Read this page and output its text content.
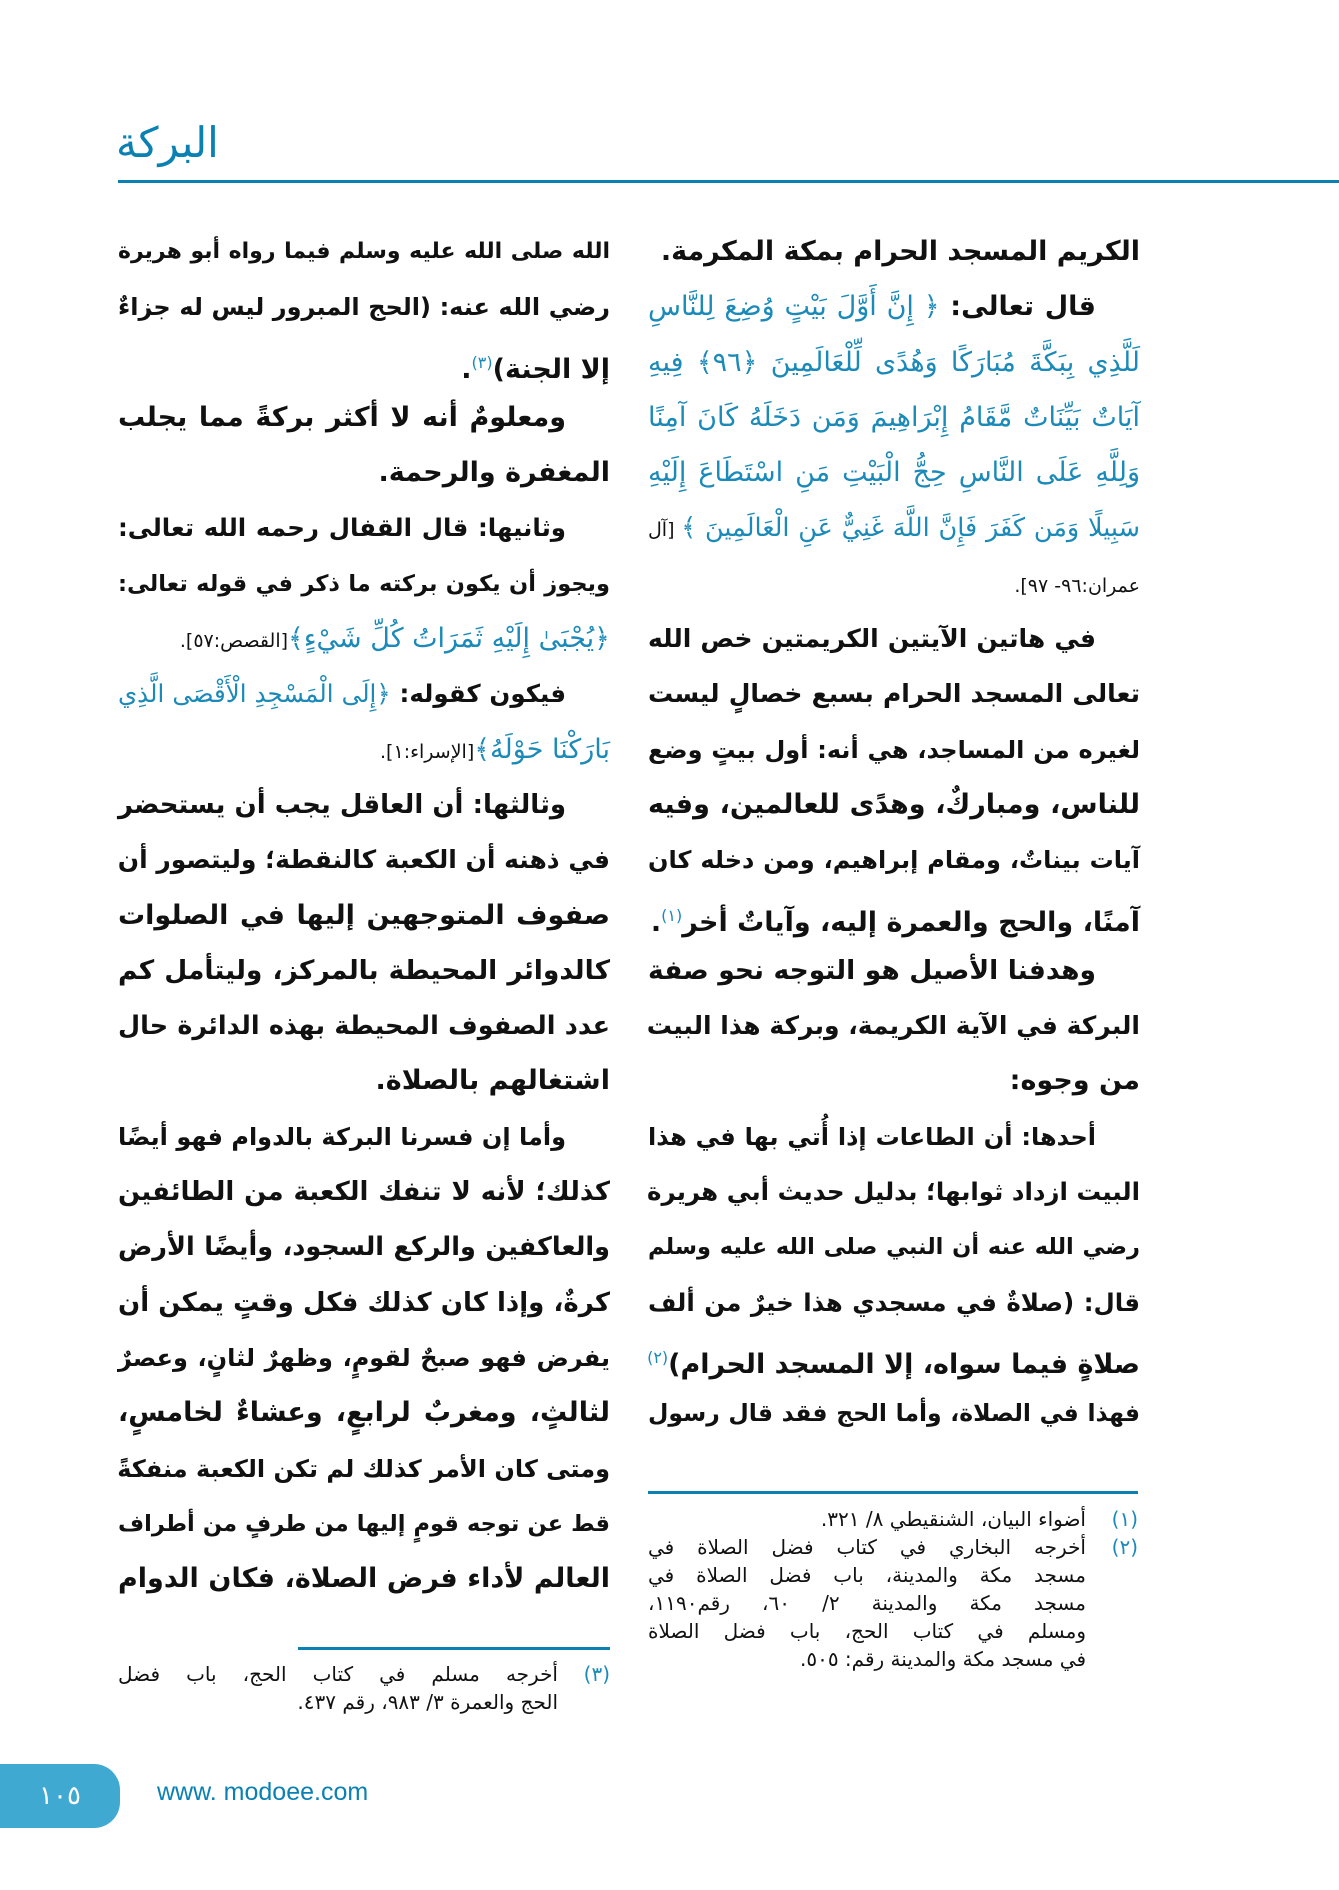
البركة
الكريم المسجد الحرام بمكة المكرمة.
قال تعالى: ﴿ إِنَّ أَوَّلَ بَيْتٍ وُضِعَ لِلنَّاسِ
لَلَّذِي بِبَكَّةَ مُبَارَكًا وَهُدًى لِّلْعَالَمِينَ ﴿٩٦﴾ فِيهِ
آيَاتٌ بَيِّنَاتٌ مَّقَامُ إِبْرَاهِيمَ وَمَن دَخَلَهُ كَانَ آمِنًا
وَلِلَّهِ عَلَى النَّاسِ حِجُّ الْبَيْتِ مَنِ اسْتَطَاعَ إِلَيْهِ
سَبِيلًا وَمَن كَفَرَ فَإِنَّ اللَّهَ غَنِيٌّ عَنِ الْعَالَمِينَ ﴾ [آل
عمران:٩٦- ٩٧].
في هاتين الآيتين الكريمتين خص الله
تعالى المسجد الحرام بسبع خصالٍ ليست
لغيره من المساجد، هي أنه: أول بيتٍ وضع
للناس، ومباركٌ، وهدًى للعالمين، وفيه
آيات بيناتٌ، ومقام إبراهيم، ومن دخله كان
آمنًا، والحج والعمرة إليه، وآياتٌ أخر$^{(١)}$.
وهدفنا الأصيل هو التوجه نحو صفة
البركة في الآية الكريمة، وبركة هذا البيت
من وجوه:
أحدها: أن الطاعات إذا أُتي بها في هذا
البيت ازداد ثوابها؛ بدليل حديث أبي هريرة
رضي الله عنه أن النبي صلى الله عليه وسلم
قال: (صلاةٌ في مسجدي هذا خيرٌ من ألف
صلاةٍ فيما سواه، إلا المسجد الحرام)$^{(٢)}$
فهذا في الصلاة، وأما الحج فقد قال رسول
الله صلى الله عليه وسلم فيما رواه أبو هريرة
رضي الله عنه: (الحج المبرور ليس له جزاءٌ
إلا الجنة)$^{(٣)}$.
ومعلومٌ أنه لا أكثر بركةً مما يجلب
المغفرة والرحمة.
وثانيها: قال القفال رحمه الله تعالى:
ويجوز أن يكون بركته ما ذكر في قوله تعالى:
﴿يُجْبَىٰ إِلَيْهِ ثَمَرَاتُ كُلِّ شَيْءٍ﴾[القصص:٥٧].
فيكون كقوله: ﴿إِلَى الْمَسْجِدِ الْأَقْصَى الَّذِي
بَارَكْنَا حَوْلَهُ﴾[الإسراء:١].
وثالثها: أن العاقل يجب أن يستحضر
في ذهنه أن الكعبة كالنقطة؛ وليتصور أن
صفوف المتوجهين إليها في الصلوات
كالدوائر المحيطة بالمركز، وليتأمل كم
عدد الصفوف المحيطة بهذه الدائرة حال
اشتغالهم بالصلاة.
وأما إن فسرنا البركة بالدوام فهو أيضًا
كذلك؛ لأنه لا تنفك الكعبة من الطائفين
والعاكفين والركع السجود، وأيضًا الأرض
كرةٌ، وإذا كان كذلك فكل وقتٍ يمكن أن
يفرض فهو صبحٌ لقومٍ، وظهرٌ لثانٍ، وعصرٌ
لثالثٍ، ومغربٌ لرابعٍ، وعشاءٌ لخامسٍ،
ومتى كان الأمر كذلك لم تكن الكعبة منفكةً
قط عن توجه قومٍ إليها من طرفٍ من أطراف
العالم لأداء فرض الصلاة، فكان الدوام
(١)
أضواء البيان، الشنقيطي ٨/ ٣٢١.
(٢)
أخرجه البخاري في كتاب فضل الصلاة في
مسجد مكة والمدينة، باب فضل الصلاة في
مسجد مكة والمدينة ٢/ ٦٠، رقم١١٩٠،
ومسلم في كتاب الحج، باب فضل الصلاة
في مسجد مكة والمدينة رقم: ٥٠٥.
(٣)
أخرجه مسلم في كتاب الحج، باب فضل
الحج والعمرة ٣/ ٩٨٣، رقم ٤٣٧.
١٠٥	www. modoee.com
